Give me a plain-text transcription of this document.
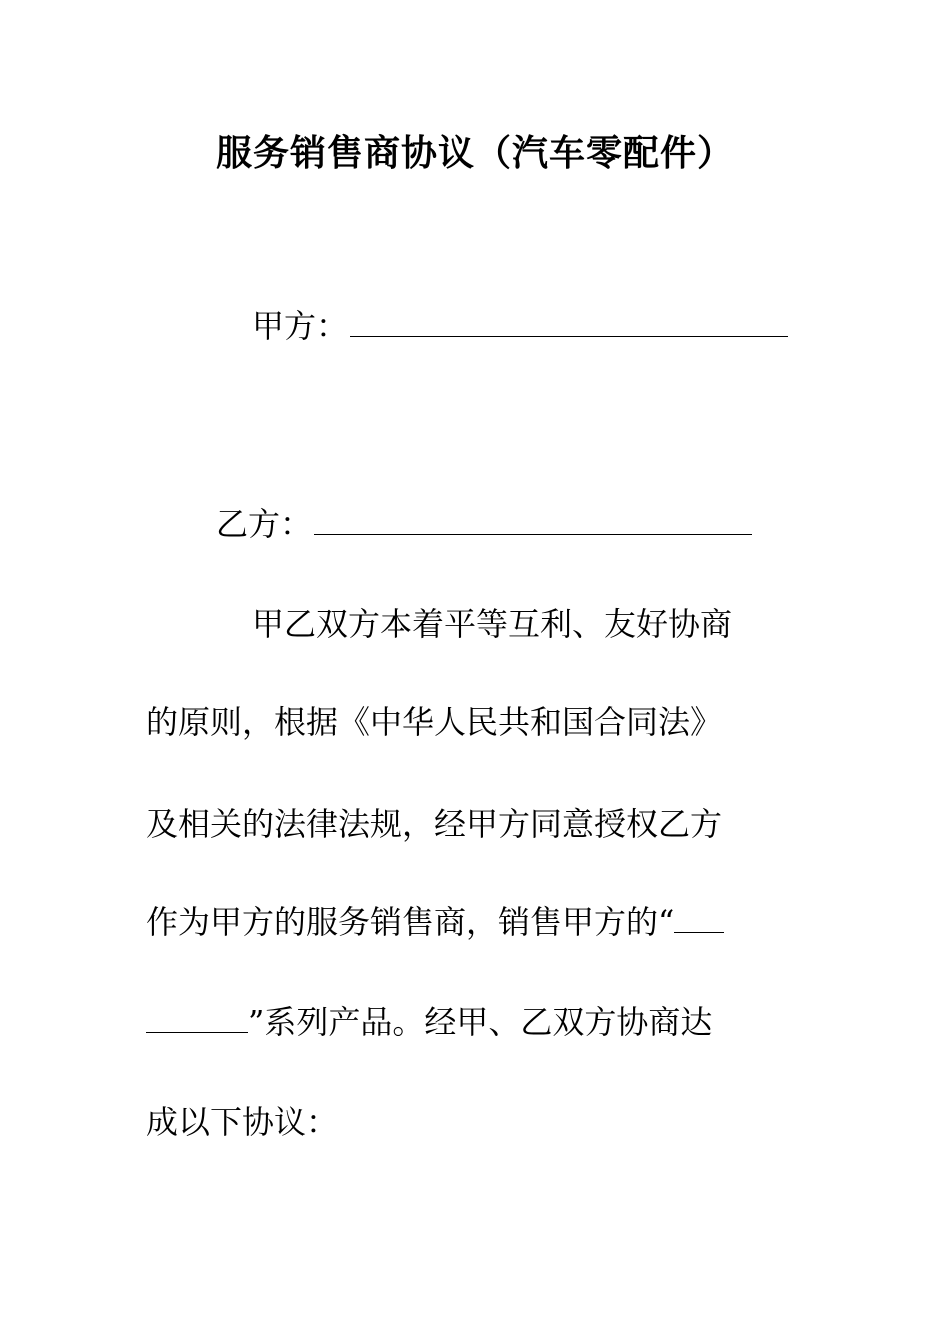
服务销售商协议（汽车零配件）
甲方：
乙方：
甲乙双方本着平等互利、友好协商
的原则，根据《中华人民共和国合同法》
及相关的法律法规，经甲方同意授权乙方
作为甲方的服务销售商，销售甲方的“
”系列产品。经甲、乙双方协商达
成以下协议：
